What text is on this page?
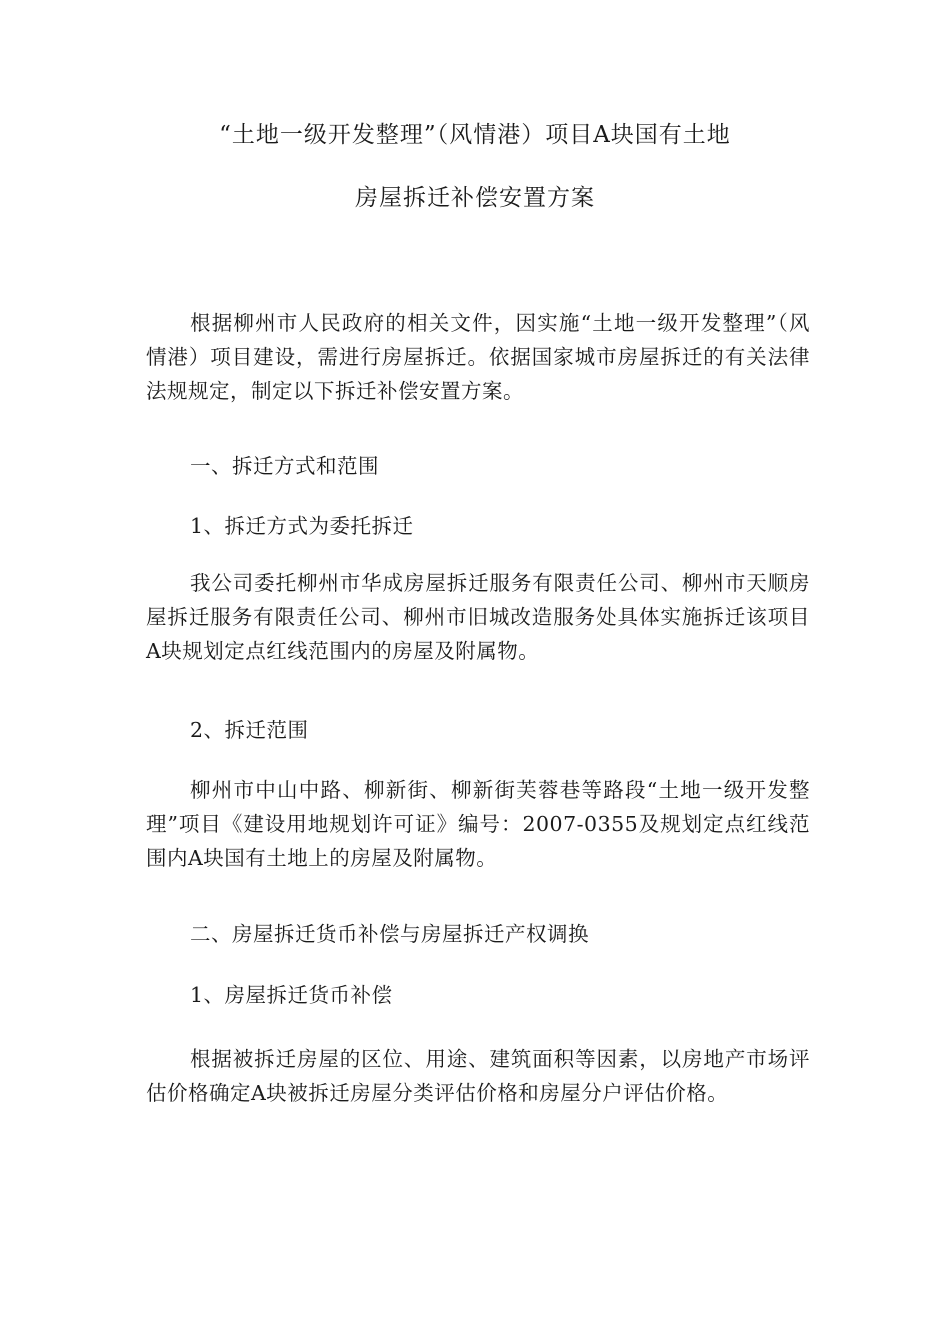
“土地一级开发整理”（风情港）项目A块国有土地
房屋拆迁补偿安置方案
根据柳州市人民政府的相关文件，因实施“土地一级开发整理”（风情港）项目建设，需进行房屋拆迁。依据国家城市房屋拆迁的有关法律法规规定，制定以下拆迁补偿安置方案。
一、拆迁方式和范围
1、拆迁方式为委托拆迁
我公司委托柳州市华成房屋拆迁服务有限责任公司、柳州市天顺房屋拆迁服务有限责任公司、柳州市旧城改造服务处具体实施拆迁该项目A块规划定点红线范围内的房屋及附属物。
2、拆迁范围
柳州市中山中路、柳新街、柳新街芙蓉巷等路段“土地一级开发整理”项目《建设用地规划许可证》编号：2007-0355及规划定点红线范围内A块国有土地上的房屋及附属物。
二、房屋拆迁货币补偿与房屋拆迁产权调换
1、房屋拆迁货币补偿
根据被拆迁房屋的区位、用途、建筑面积等因素，以房地产市场评估价格确定A块被拆迁房屋分类评估价格和房屋分户评估价格。
